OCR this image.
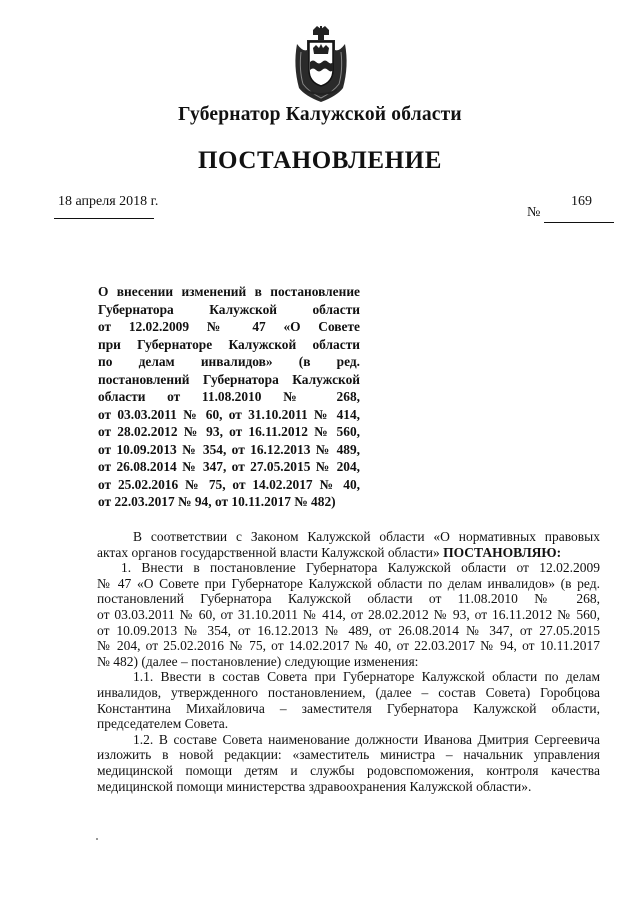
Губернатор Калужской области
ПОСТАНОВЛЕНИЕ
18 апреля 2018 г.	169
№
О внесении изменений в постановление
Губернатора Калужской области
от 12.02.2009 № 47 «О Совете
при Губернаторе Калужской области
по делам инвалидов» (в ред.
постановлений Губернатора Калужской
области от 11.08.2010 № 268,
от 03.03.2011 № 60, от 31.10.2011 № 414,
от 28.02.2012 № 93, от 16.11.2012 № 560,
от 10.09.2013 № 354, от 16.12.2013 № 489,
от 26.08.2014 № 347, от 27.05.2015 № 204,
от 25.02.2016 № 75, от 14.02.2017 № 40,
от 22.03.2017 № 94, от 10.11.2017 № 482)
В соответствии с Законом Калужской области «О нормативных правовых
актах органов государственной власти Калужской области» ПОСТАНОВЛЯЮ:
1. Внести в постановление Губернатора Калужской области от 12.02.2009
№ 47 «О Совете при Губернаторе Калужской области по делам инвалидов» (в ред.
постановлений Губернатора Калужской области от 11.08.2010 № 268,
от 03.03.2011 № 60, от 31.10.2011 № 414, от 28.02.2012 № 93, от 16.11.2012 № 560,
от 10.09.2013 № 354, от 16.12.2013 № 489, от 26.08.2014 № 347, от 27.05.2015
№ 204, от 25.02.2016 № 75, от 14.02.2017 № 40, от 22.03.2017 № 94, от 10.11.2017
№ 482) (далее – постановление) следующие изменения:
1.1. Ввести в состав Совета при Губернаторе Калужской области по делам
инвалидов, утвержденного постановлением, (далее – состав Совета) Горобцова
Константина Михайловича – заместителя Губернатора Калужской области,
председателем Совета.
1.2. В составе Совета наименование должности Иванова Дмитрия Сергеевича
изложить в новой редакции: «заместитель министра – начальник управления
медицинской помощи детям и службы родовспоможения, контроля качества
медицинской помощи министерства здравоохранения Калужской области».
